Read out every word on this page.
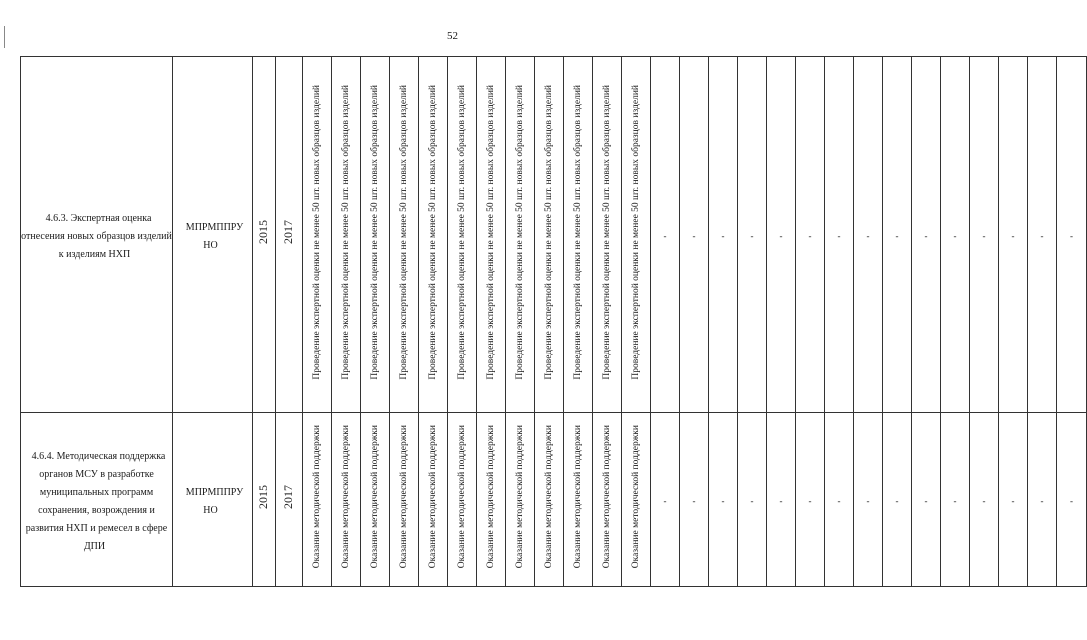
52
4.6.3. Экспертная оценка отнесения новых образцов изделий к изделиям НХП	МПРМППРУ НО	2015	2017	Проведение экспертной оценки не менее 50 шт. новых образцов изделий	Проведение экспертной оценки не менее 50 шт. новых образцов изделий	Проведение экспертной оценки не менее 50 шт. новых образцов изделий	Проведение экспертной оценки не менее 50 шт. новых образцов изделий	Проведение экспертной оценки не менее 50 шт. новых образцов изделий	Проведение экспертной оценки не менее 50 шт. новых образцов изделий	Проведение экспертной оценки не менее 50 шт. новых образцов изделий	Проведение экспертной оценки не менее 50 шт. новых образцов изделий	Проведение экспертной оценки не менее 50 шт. новых образцов изделий	Проведение экспертной оценки не менее 50 шт. новых образцов изделий	Проведение экспертной оценки не менее 50 шт. новых образцов изделий	Проведение экспертной оценки не менее 50 шт. новых образцов изделий	-	-	-	-	-	-	-	-	-	-	-	-	-	-	-
4.6.4. Методическая поддержка органов МСУ в разработке муниципальных программ сохранения, возрождения и развития НХП и ремесел в сфере ДПИ	МПРМППРУ НО	2015	2017	Оказание методической поддержки	Оказание методической поддержки	Оказание методической поддержки	Оказание методической поддержки	Оказание методической поддержки	Оказание методической поддержки	Оказание методической поддержки	Оказание методической поддержки	Оказание методической поддержки	Оказание методической поддержки	Оказание методической поддержки	Оказание методической поддержки	-	-	-	-	-	-	-	-	-	-	-	-	-	-	-
